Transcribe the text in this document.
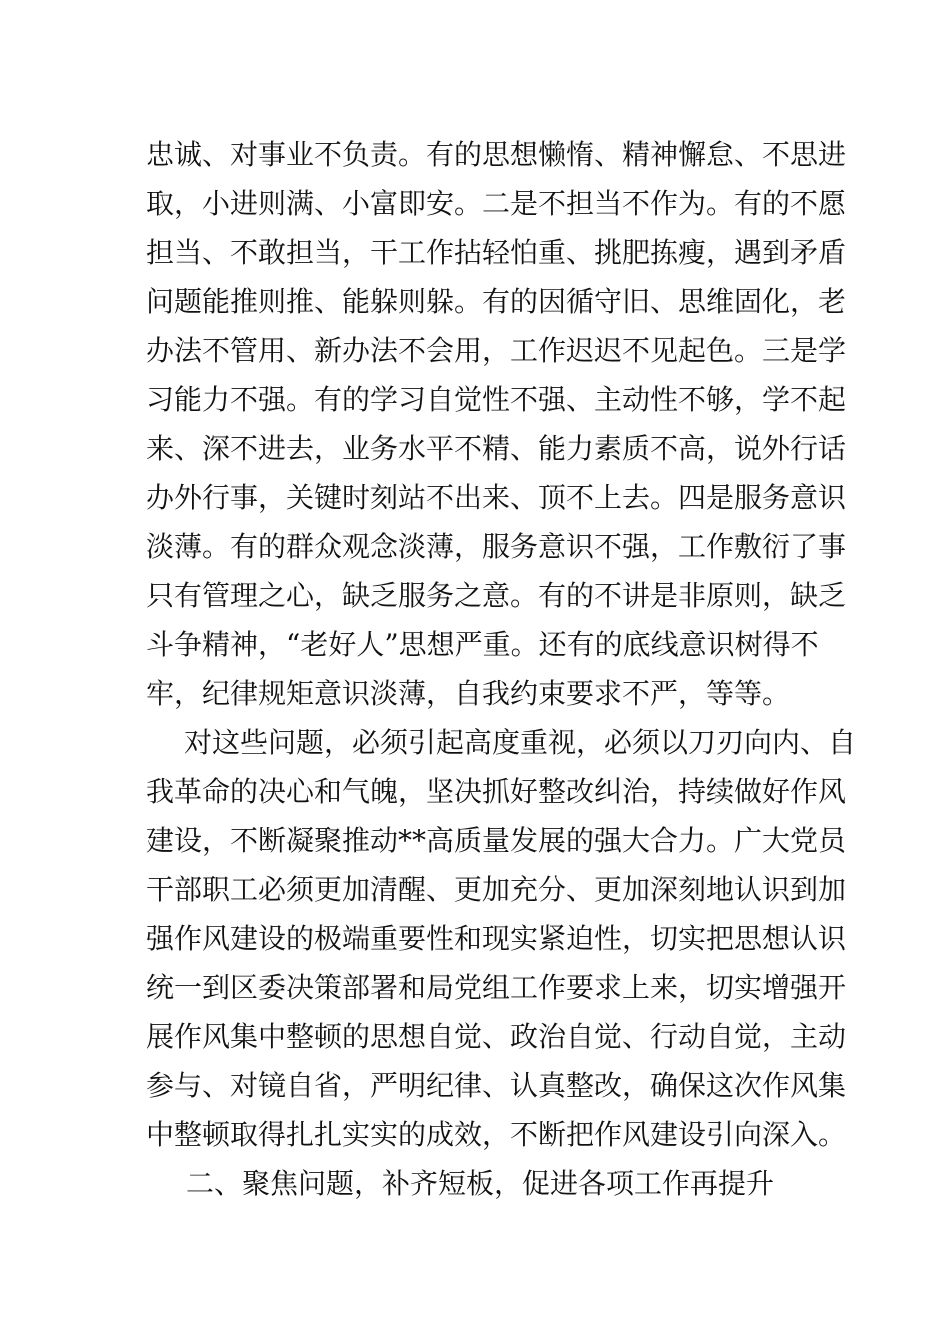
忠诚、对事业不负责。有的思想懒惰、精神懈怠、不思进
取，小进则满、小富即安。二是不担当不作为。有的不愿
担当、不敢担当，干工作拈轻怕重、挑肥拣瘦，遇到矛盾
问题能推则推、能躲则躲。有的因循守旧、思维固化，老
办法不管用、新办法不会用，工作迟迟不见起色。三是学
习能力不强。有的学习自觉性不强、主动性不够，学不起
来、深不进去，业务水平不精、能力素质不高，说外行话
办外行事，关键时刻站不出来、顶不上去。四是服务意识
淡薄。有的群众观念淡薄，服务意识不强，工作敷衍了事
只有管理之心，缺乏服务之意。有的不讲是非原则，缺乏
斗争精神，“老好人”思想严重。还有的底线意识树得不
牢，纪律规矩意识淡薄，自我约束要求不严，等等。
对这些问题，必须引起高度重视，必须以刀刃向内、自
我革命的决心和气魄，坚决抓好整改纠治，持续做好作风
建设，不断凝聚推动**高质量发展的强大合力。广大党员
干部职工必须更加清醒、更加充分、更加深刻地认识到加
强作风建设的极端重要性和现实紧迫性，切实把思想认识
统一到区委决策部署和局党组工作要求上来，切实增强开
展作风集中整顿的思想自觉、政治自觉、行动自觉，主动
参与、对镜自省，严明纪律、认真整改，确保这次作风集
中整顿取得扎扎实实的成效，不断把作风建设引向深入。
二、聚焦问题，补齐短板，促进各项工作再提升
